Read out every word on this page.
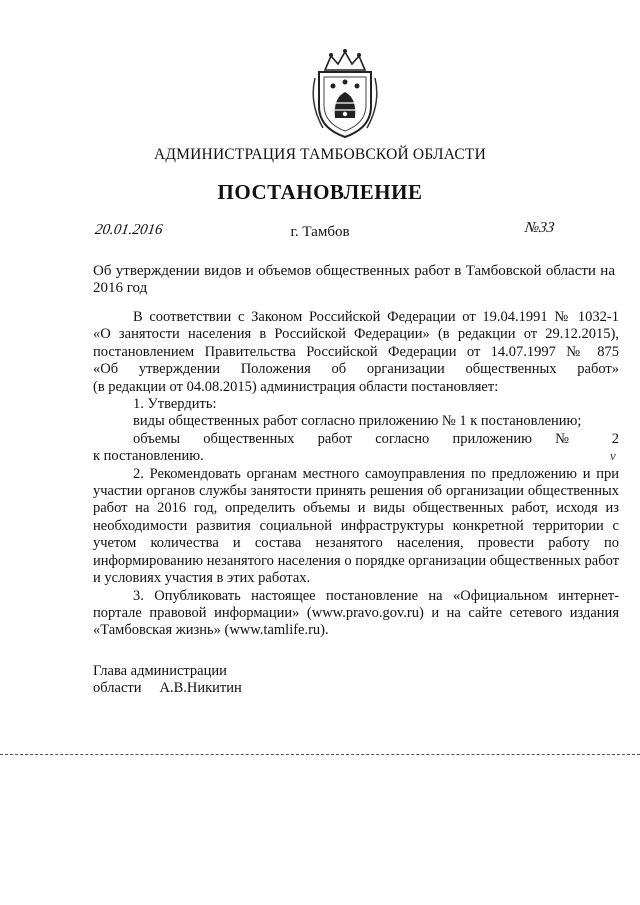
АДМИНИСТРАЦИЯ ТАМБОВСКОЙ ОБЛАСТИ
ПОСТАНОВЛЕНИЕ
20.01.2016	г. Тамбов	№33
Об утверждении видов и объемов общественных работ в Тамбовской области на 2016 год

В соответствии с Законом Российской Федерации от 19.04.1991 № 1032-1

«О занятости населения в Российской Федерации» (в редакции от 29.12.2015),

постановлением Правительства Российской Федерации от 14.07.1997 № 875

«Об утверждении Положения об организации общественных работ»

(в редакции от 04.08.2015) администрация области постановляет:

1. Утвердить:

виды общественных работ согласно приложению № 1 к постановлению;

объемы общественных работ согласно приложению № 2

к постановлению.

2. Рекомендовать органам местного самоуправления по предложению и при участии органов службы занятости принять решения об организации общественных работ на 2016 год, определить объемы и виды общественных работ, исходя из необходимости развития социальной инфраструктуры конкретной территории с учетом количества и состава незанятого населения, провести работу по информированию незанятого населения о порядке организации общественных работ и условиях участия в этих работах.

3. Опубликовать настоящее постановление на «Официальном интернет-портале правовой информации» (www.pravo.gov.ru) и на сайте сетевого издания «Тамбовская жизнь» (www.tamlife.ru).

v
Глава администрации
области А.В.Никитин
